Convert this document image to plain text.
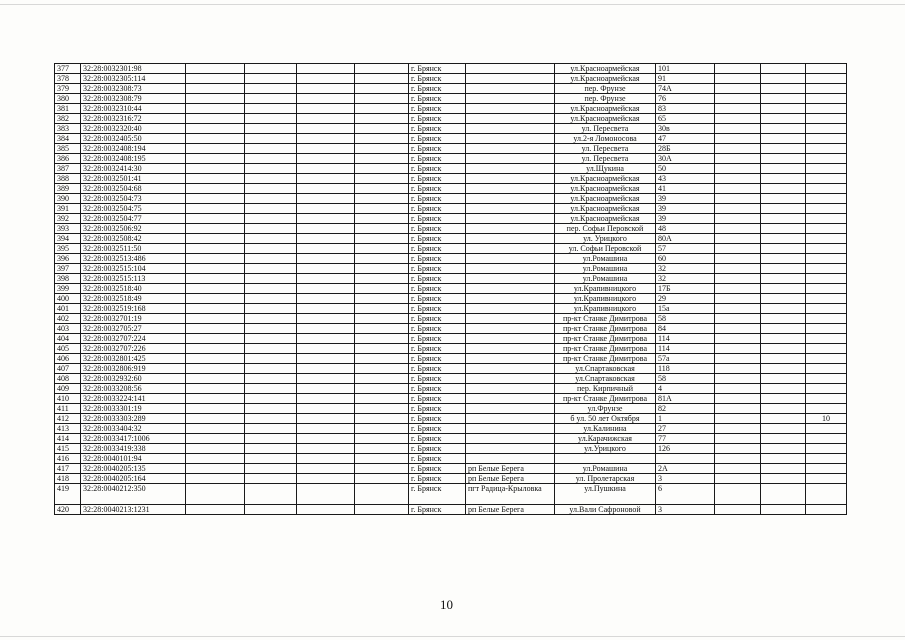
377	32:28:0032301:98					г. Брянск		ул.Красноармейская	101			
378	32:28:0032305:114					г. Брянск		ул.Красноармейская	91			
379	32:28:0032308:73					г. Брянск		пер. Фрунзе	74А			
380	32:28:0032308:79					г. Брянск		пер. Фрунзе	76			
381	32:28:0032310:44					г. Брянск		ул.Красноармейская	83			
382	32:28:0032316:72					г. Брянск		ул.Красноармейская	65			
383	32:28:0032320:40					г. Брянск		ул. Пересвета	30в			
384	32:28:0032405:50					г. Брянск		ул.2-я Ломоносова	47			
385	32:28:0032408:194					г. Брянск		ул. Пересвета	28Б			
386	32:28:0032408:195					г. Брянск		ул. Пересвета	30А			
387	32:28:0032414:30					г. Брянск		ул.Щукина	50			
388	32:28:0032501:41					г. Брянск		ул.Красноармейская	43			
389	32:28:0032504:68					г. Брянск		ул.Красноармейская	41			
390	32:28:0032504:73					г. Брянск		ул.Красноармейская	39			
391	32:28:0032504:75					г. Брянск		ул.Красноармейская	39			
392	32:28:0032504:77					г. Брянск		ул.Красноармейская	39			
393	32:28:0032506:92					г. Брянск		пер. Софьи Перовской	48			
394	32:28:0032508:42					г. Брянск		ул. Урицкого	80А			
395	32:28:0032511:50					г. Брянск		ул. Софьи Перовской	57			
396	32:28:0032513:486					г. Брянск		ул.Ромашина	60			
397	32:28:0032515:104					г. Брянск		ул.Ромашина	32			
398	32:28:0032515:113					г. Брянск		ул.Ромашина	32			
399	32:28:0032518:40					г. Брянск		ул.Крапивницкого	17Б			
400	32:28:0032518:49					г. Брянск		ул.Крапивницкого	29			
401	32:28:0032519:168					г. Брянск		ул.Крапивницкого	15а			
402	32:28:0032701:19					г. Брянск		пр-кт Станке Димитрова	58			
403	32:28:0032705:27					г. Брянск		пр-кт Станке Димитрова	84			
404	32:28:0032707:224					г. Брянск		пр-кт Станке Димитрова	114			
405	32:28:0032707:226					г. Брянск		пр-кт Станке Димитрова	114			
406	32:28:0032801:425					г. Брянск		пр-кт Станке Димитрова	57а			
407	32:28:0032806:919					г. Брянск		ул.Спартаковская	118			
408	32:28:0032932:60					г. Брянск		ул.Спартаковская	58			
409	32:28:0033208:56					г. Брянск		пер. Кирпичный	4			
410	32:28:0033224:141					г. Брянск		пр-кт Станке Димитрова	81А			
411	32:28:0033301:19					г. Брянск		ул.Фрунзе	82			
412	32:28:0033303:289					г. Брянск		б ул. 50 лет Октября	1			10
413	32:28:0033404:32					г. Брянск		ул.Калинина	27			
414	32:28:0033417:1006					г. Брянск		ул.Карачижская	77			
415	32:28:0033419:338					г. Брянск		ул.Урицкого	126			
416	32:28:0040101:94					г. Брянск						
417	32:28:0040205:135					г. Брянск	рп Белые Берега	ул.Ромашина	2А			
418	32:28:0040205:164					г. Брянск	рп Белые Берега	ул. Пролетарская	3			
419	32:28:0040212:350					г. Брянск	пгт Радица-Крыловка	ул.Пушкина	6			
420	32:28:0040213:1231					г. Брянск	рп Белые Берега	ул.Вали Сафроновой	3			
10
